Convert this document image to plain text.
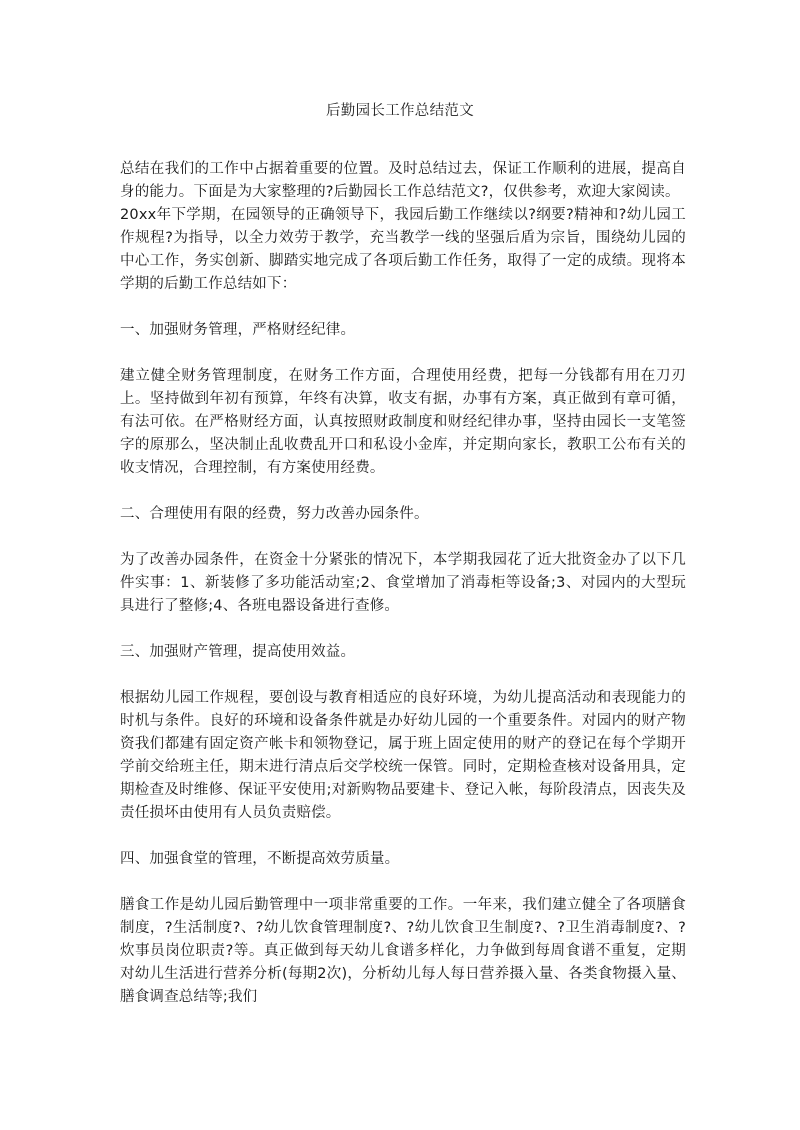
后勤园长工作总结范文

总结在我们的工作中占据着重要的位置。及时总结过去，保证工作顺利的进展，提高自身的能力。下面是为大家整理的?后勤园长工作总结范文?，仅供参考，欢迎大家阅读。

20xx年下学期，在园领导的正确领导下，我园后勤工作继续以?纲要?精神和?幼儿园工作规程?为指导，以全力效劳于教学，充当教学一线的坚强后盾为宗旨，围绕幼儿园的中心工作，务实创新、脚踏实地完成了各项后勤工作任务，取得了一定的成绩。现将本学期的后勤工作总结如下：

一、加强财务管理，严格财经纪律。

建立健全财务管理制度，在财务工作方面，合理使用经费，把每一分钱都有用在刀刃上。坚持做到年初有预算，年终有决算，收支有据，办事有方案，真正做到有章可循，有法可依。在严格财经方面，认真按照财政制度和财经纪律办事，坚持由园长一支笔签字的原那么，坚决制止乱收费乱开口和私设小金库，并定期向家长，教职工公布有关的收支情况，合理控制，有方案使用经费。

二、合理使用有限的经费，努力改善办园条件。

为了改善办园条件，在资金十分紧张的情况下，本学期我园花了近大批资金办了以下几件实事：1、新装修了多功能活动室;2、食堂增加了消毒柜等设备;3、对园内的大型玩具进行了整修;4、各班电器设备进行查修。

三、加强财产管理，提高使用效益。

根据幼儿园工作规程，要创设与教育相适应的良好环境，为幼儿提高活动和表现能力的时机与条件。良好的环境和设备条件就是办好幼儿园的一个重要条件。对园内的财产物资我们都建有固定资产帐卡和领物登记，属于班上固定使用的财产的登记在每个学期开学前交给班主任，期末进行清点后交学校统一保管。同时，定期检查核对设备用具，定期检查及时维修、保证平安使用;对新购物品要建卡、登记入帐，每阶段清点，因丧失及责任损坏由使用有人员负责赔偿。

四、加强食堂的管理，不断提高效劳质量。

膳食工作是幼儿园后勤管理中一项非常重要的工作。一年来，我们建立健全了各项膳食制度，?生活制度?、?幼儿饮食管理制度?、?幼儿饮食卫生制度?、?卫生消毒制度?、?炊事员岗位职责?等。真正做到每天幼儿食谱多样化，力争做到每周食谱不重复，定期对幼儿生活进行营养分析(每期2次)，分析幼儿每人每日营养摄入量、各类食物摄入量、膳食调查总结等;我们
